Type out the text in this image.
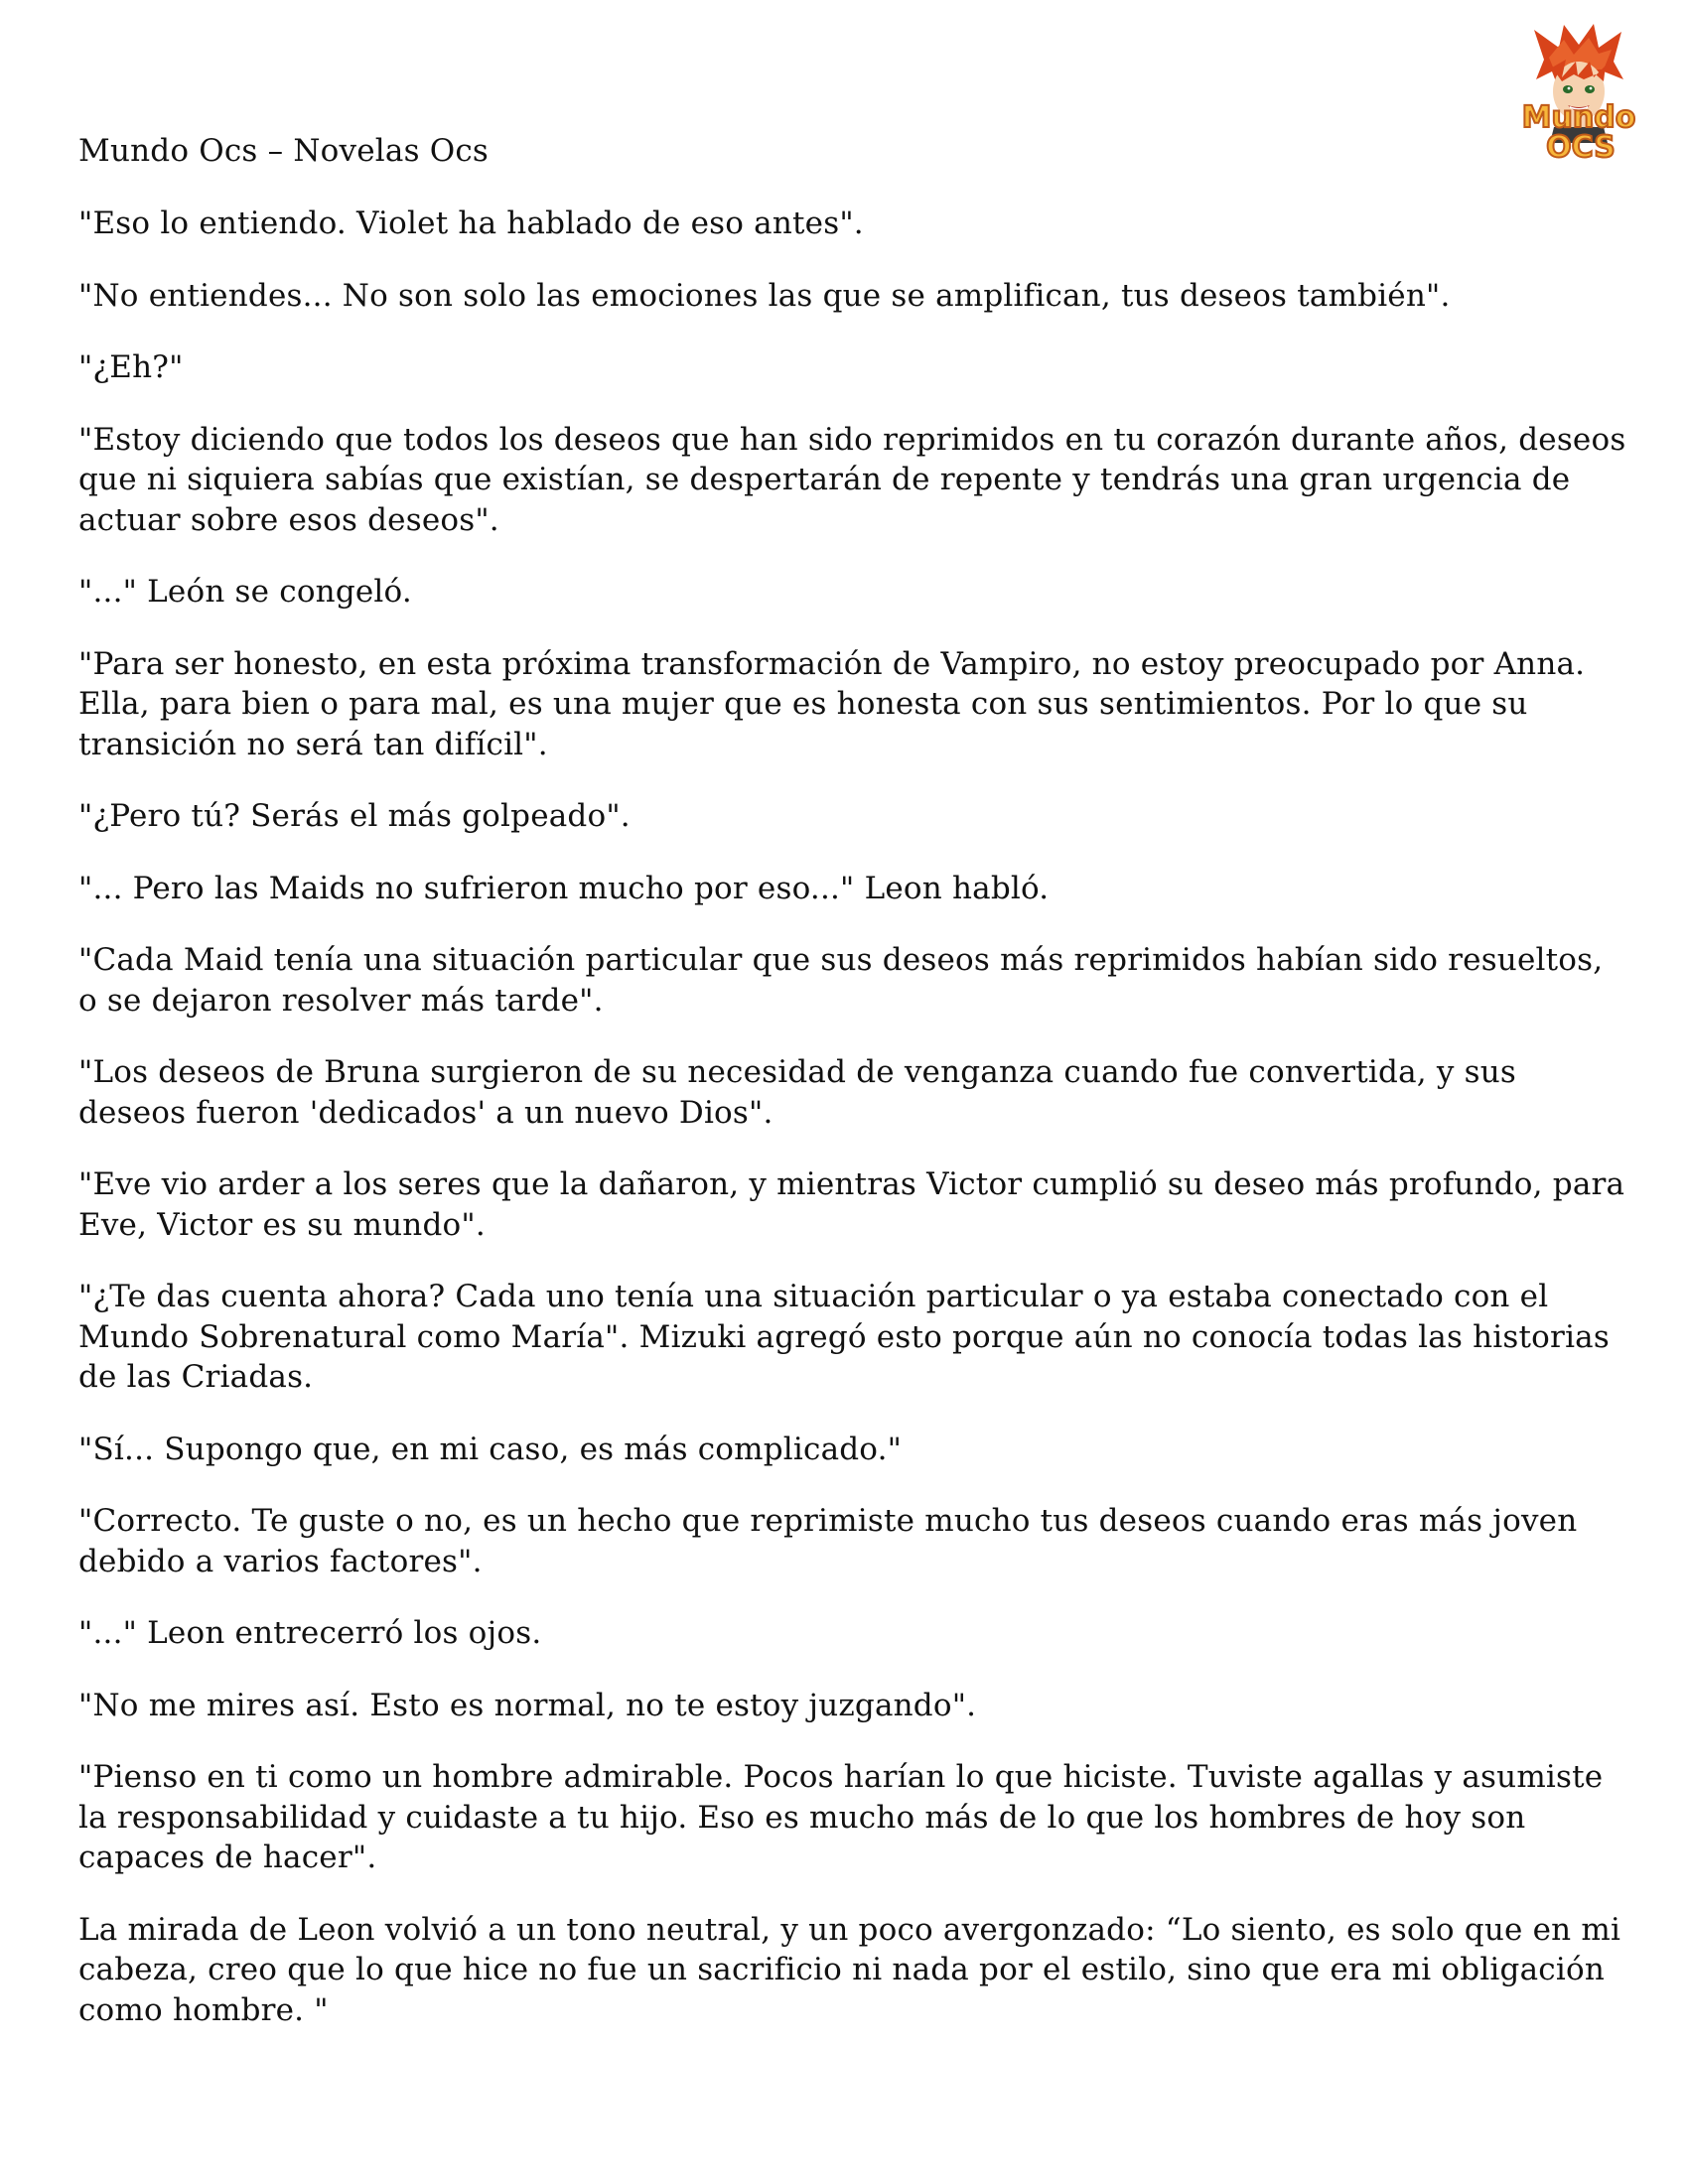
Mundo Ocs – Novelas Ocs
Mundo
OCS

"Eso lo entiendo. Violet ha hablado de eso antes".

"No entiendes... No son solo las emociones las que se amplifican, tus deseos también".

"¿Eh?"

"Estoy diciendo que todos los deseos que han sido reprimidos en tu corazón durante años, deseos que ni siquiera sabías que existían, se despertarán de repente y tendrás una gran urgencia de actuar sobre esos deseos".

"..." León se congeló.

"Para ser honesto, en esta próxima transformación de Vampiro, no estoy preocupado por Anna. Ella, para bien o para mal, es una mujer que es honesta con sus sentimientos. Por lo que su transición no será tan difícil".

"¿Pero tú? Serás el más golpeado".

"... Pero las Maids no sufrieron mucho por eso..." Leon habló.

"Cada Maid tenía una situación particular que sus deseos más reprimidos habían sido resueltos, o se dejaron resolver más tarde".

"Los deseos de Bruna surgieron de su necesidad de venganza cuando fue convertida, y sus deseos fueron 'dedicados' a un nuevo Dios".

"Eve vio arder a los seres que la dañaron, y mientras Victor cumplió su deseo más profundo, para Eve, Victor es su mundo".

"¿Te das cuenta ahora? Cada uno tenía una situación particular o ya estaba conectado con el Mundo Sobrenatural como María". Mizuki agregó esto porque aún no conocía todas las historias de las Criadas.

"Sí... Supongo que, en mi caso, es más complicado."

"Correcto. Te guste o no, es un hecho que reprimiste mucho tus deseos cuando eras más joven debido a varios factores".

"..." Leon entrecerró los ojos.

"No me mires así. Esto es normal, no te estoy juzgando".

"Pienso en ti como un hombre admirable. Pocos harían lo que hiciste. Tuviste agallas y asumiste la responsabilidad y cuidaste a tu hijo. Eso es mucho más de lo que los hombres de hoy son capaces de hacer".

La mirada de Leon volvió a un tono neutral, y un poco avergonzado: “Lo siento, es solo que en mi cabeza, creo que lo que hice no fue un sacrificio ni nada por el estilo, sino que era mi obligación como hombre. "
